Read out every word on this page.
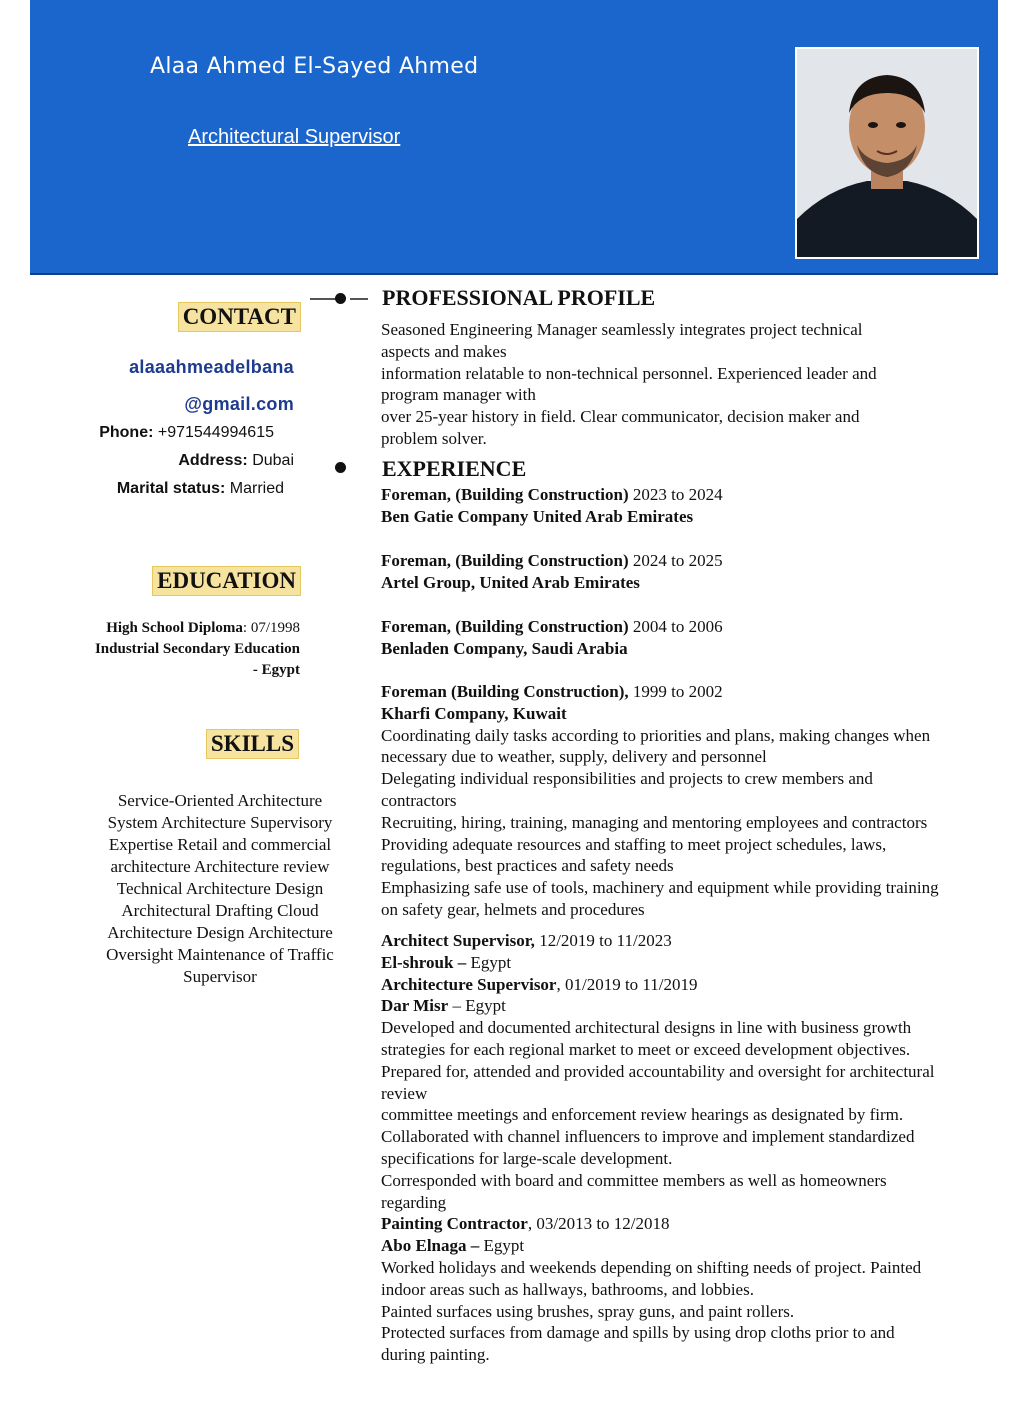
Alaa Ahmed El-Sayed Ahmed
Architectural Supervisor
CONTACT
alaaahmeadelbana
@gmail.com
Phone: +971544994615
Address: Dubai
Marital status: Married
EDUCATION
High School Diploma: 07/1998
Industrial Secondary Education
- Egypt
SKILLS
Service-Oriented Architecture
System Architecture Supervisory
Expertise Retail and commercial
architecture Architecture review
Technical Architecture Design
Architectural Drafting Cloud
Architecture Design Architecture
Oversight Maintenance of Traffic
Supervisor
PROFESSIONAL PROFILE
Seasoned Engineering Manager seamlessly integrates project technical
aspects and makes
information relatable to non-technical personnel. Experienced leader and
program manager with
over 25-year history in field. Clear communicator, decision maker and
problem solver.
EXPERIENCE
Foreman, (Building Construction) 2023 to 2024
Ben Gatie Company United Arab Emirates
Foreman, (Building Construction) 2024 to 2025
Artel Group, United Arab Emirates
Foreman, (Building Construction) 2004 to 2006
Benladen Company, Saudi Arabia
Foreman (Building Construction), 1999 to 2002
Kharfi Company, Kuwait
Coordinating daily tasks according to priorities and plans, making changes when
necessary due to weather, supply, delivery and personnel
Delegating individual responsibilities and projects to crew members and
contractors
Recruiting, hiring, training, managing and mentoring employees and contractors
Providing adequate resources and staffing to meet project schedules, laws,
regulations, best practices and safety needs
Emphasizing safe use of tools, machinery and equipment while providing training
on safety gear, helmets and procedures
Architect Supervisor, 12/2019 to 11/2023
El-shrouk – Egypt
Architecture Supervisor, 01/2019 to 11/2019
Dar Misr – Egypt
Developed and documented architectural designs in line with business growth
strategies for each regional market to meet or exceed development objectives.
Prepared for, attended and provided accountability and oversight for architectural
review
committee meetings and enforcement review hearings as designated by firm.
Collaborated with channel influencers to improve and implement standardized
specifications for large-scale development.
Corresponded with board and committee members as well as homeowners
regarding
Painting Contractor, 03/2013 to 12/2018
Abo Elnaga – Egypt
Worked holidays and weekends depending on shifting needs of project. Painted
indoor areas such as hallways, bathrooms, and lobbies.
Painted surfaces using brushes, spray guns, and paint rollers.
Protected surfaces from damage and spills by using drop cloths prior to and
during painting.
